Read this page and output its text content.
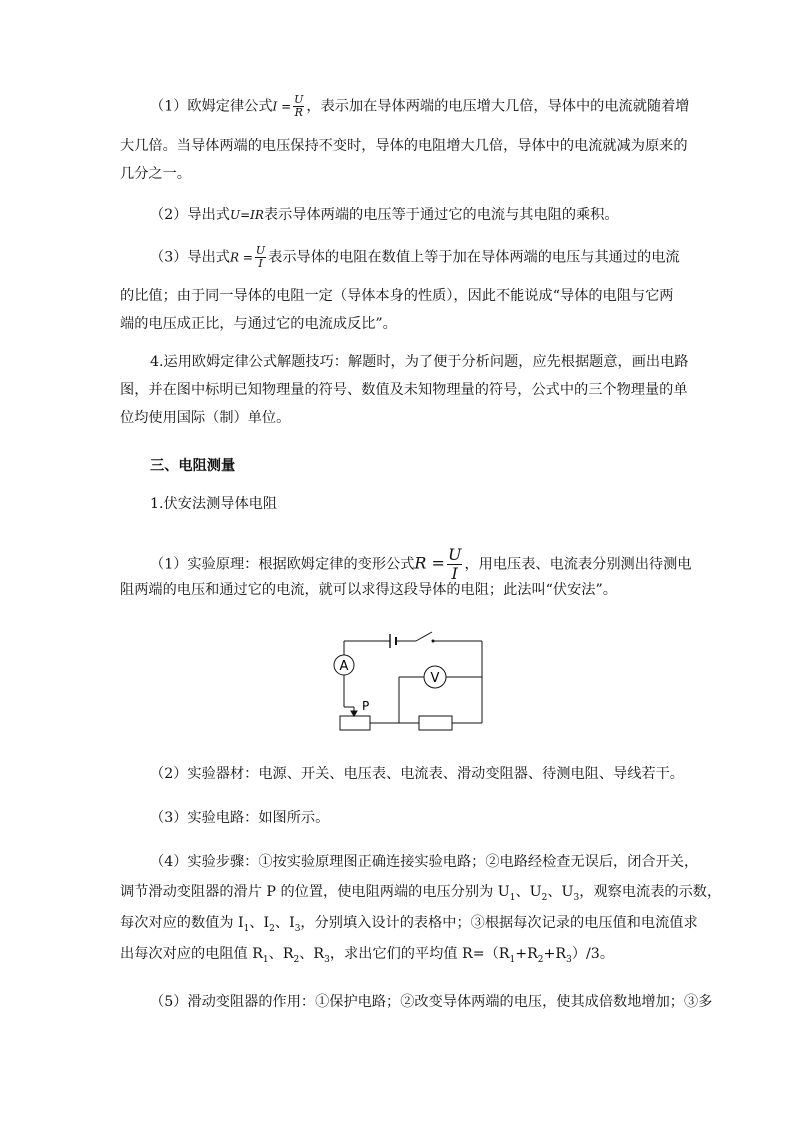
（1）欧姆定律公式$I = \frac{U}{R}$ ，表示加在导体两端的电压增大几倍，导体中的电流就随着增
大几倍。当导体两端的电压保持不变时，导体的电阻增大几倍，导体中的电流就减为原来的
几分之一。
（2）导出式U=IR表示导体两端的电压等于通过它的电流与其电阻的乘积。
（3）导出式$R = \frac{U}{I}$ 表示导体的电阻在数值上等于加在导体两端的电压与其通过的电流
的比值；由于同一导体的电阻一定（导体本身的性质），因此不能说成“导体的电阻与它两
端的电压成正比，与通过它的电流成反比”。
4.运用欧姆定律公式解题技巧：解题时，为了便于分析问题，应先根据题意，画出电路
图，并在图中标明已知物理量的符号、数值及未知物理量的符号，公式中的三个物理量的单
位均使用国际（制）单位。
三、电阻测量
1.伏安法测导体电阻
（1）实验原理：根据欧姆定律的变形公式$R = \frac{U}{I}$ ，用电压表、电流表分别测出待测电
阻两端的电压和通过它的电流，就可以求得这段导体的电阻；此法叫“伏安法”。
A
V
P
（2）实验器材：电源、开关、电压表、电流表、滑动变阻器、待测电阻、导线若干。
（3）实验电路：如图所示。
（4）实验步骤：①按实验原理图正确连接实验电路；②电路经检查无误后，闭合开关，
调节滑动变阻器的滑片 P 的位置，使电阻两端的电压分别为 $U_1$、$U_2$、$U_3$，观察电流表的示数，
每次对应的数值为 $I_1$、$I_2$、$I_3$，分别填入设计的表格中；③根据每次记录的电压值和电流值求
出每次对应的电阻值 $R_1$、$R_2$、$R_3$，求出它们的平均值 $R=(R_1+R_2+R_3)/3$。
（5）滑动变阻器的作用：①保护电路；②改变导体两端的电压，使其成倍数地增加；③多
